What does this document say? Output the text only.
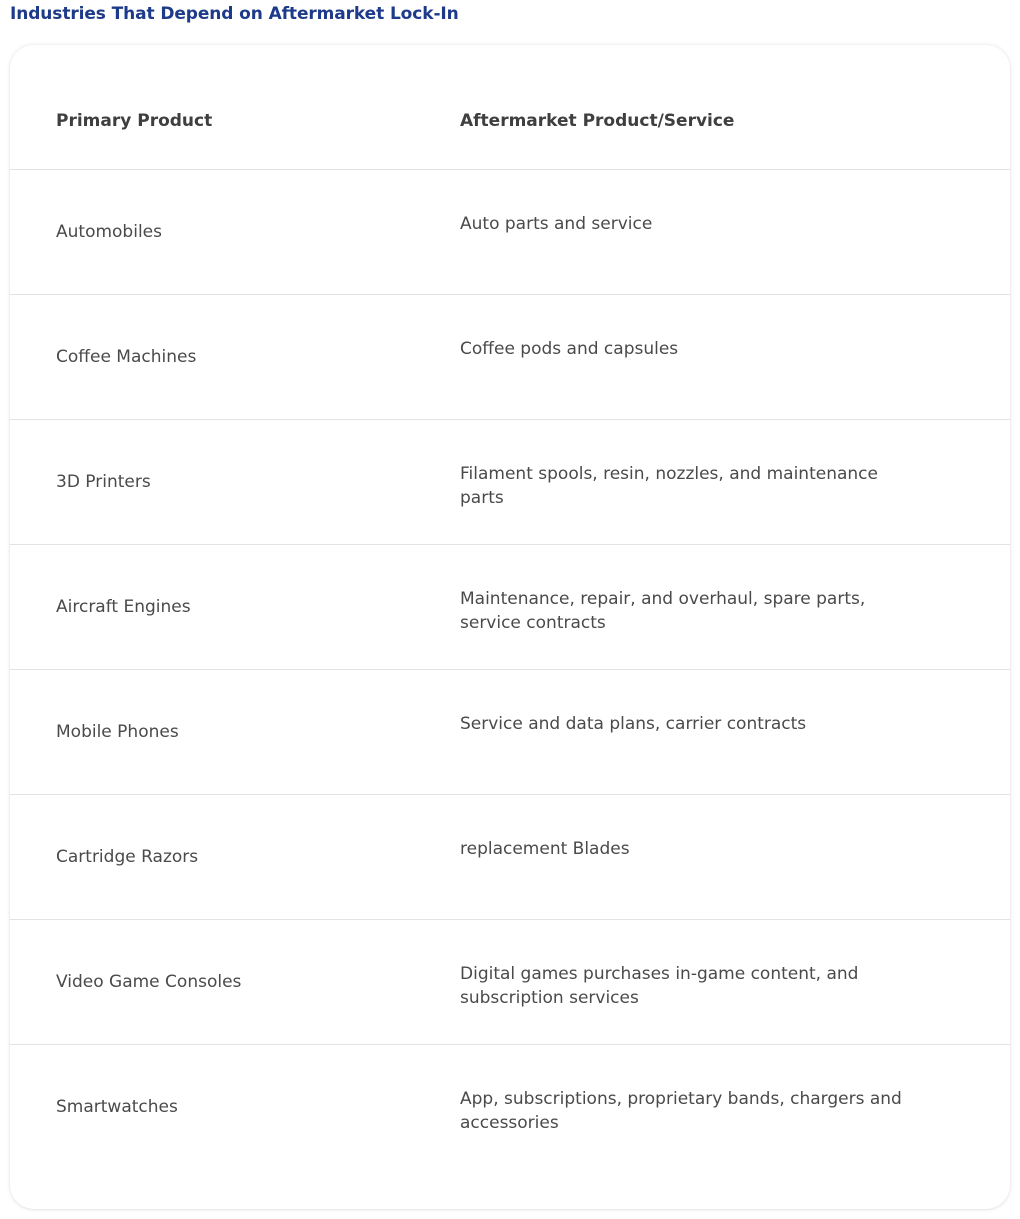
Industries That Depend on Aftermarket Lock-In
Primary Product	Aftermarket Product/Service
Automobiles	Auto parts and service
Coffee Machines	Coffee pods and capsules
3D Printers	Filament spools, resin, nozzles, and maintenance parts
Aircraft Engines	Maintenance, repair, and overhaul, spare parts, service contracts
Mobile Phones	Service and data plans, carrier contracts
Cartridge Razors	replacement Blades
Video Game Consoles	Digital games purchases in-game content, and subscription services
Smartwatches	App, subscriptions, proprietary bands, chargers and accessories
